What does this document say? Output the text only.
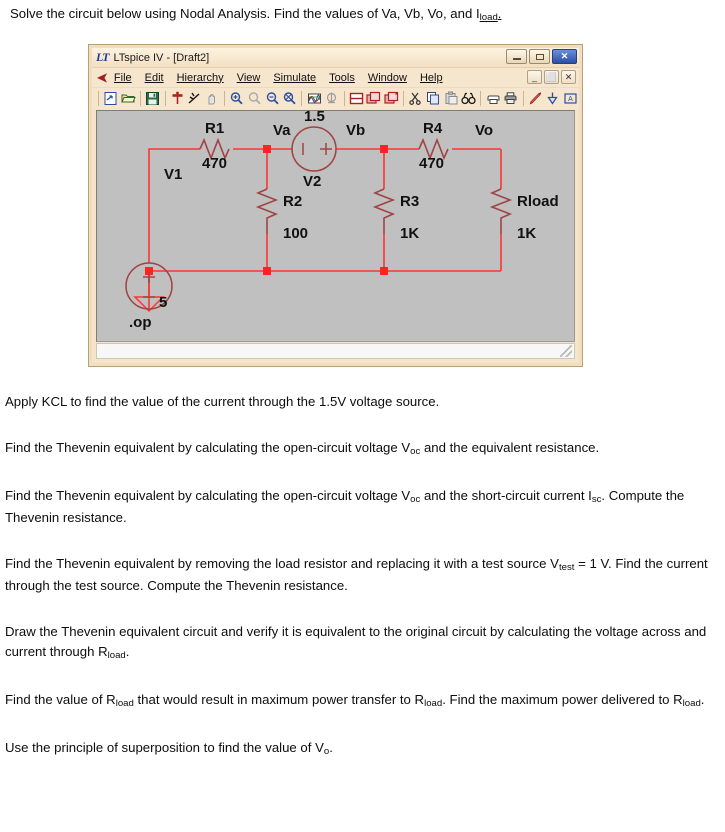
Solve the circuit below using Nodal Analysis. Find the values of Va, Vb, Vo, and $I_{load}$.

LT LTspice IV - [Draft2]	✕
➤ File Edit Hierarchy View Simulate Tools Window Help	_ ⬜ ✕
A
R1
470
V1
5
1.5
V2
Va	Vb	Vo
R2
100
R4
470
R3
1K
Rload
1K
.op

Apply KCL to find the value of the current through the 1.5V voltage source.

Find the Thevenin equivalent by calculating the open-circuit voltage $V_{oc}$ and the equivalent resistance.

Find the Thevenin equivalent by calculating the open-circuit voltage $V_{oc}$ and the short-circuit current $I_{sc}$. Compute the Thevenin resistance.

Find the Thevenin equivalent by removing the load resistor and replacing it with a test source $V_{test} = 1$ V. Find the current through the test source. Compute the Thevenin resistance.

Draw the Thevenin equivalent circuit and verify it is equivalent to the original circuit by calculating the voltage across and current through $R_{load}$.

Find the value of $R_{load}$ that would result in maximum power transfer to $R_{load}$. Find the maximum power delivered to $R_{load}$.

Use the principle of superposition to find the value of $V_o$.
